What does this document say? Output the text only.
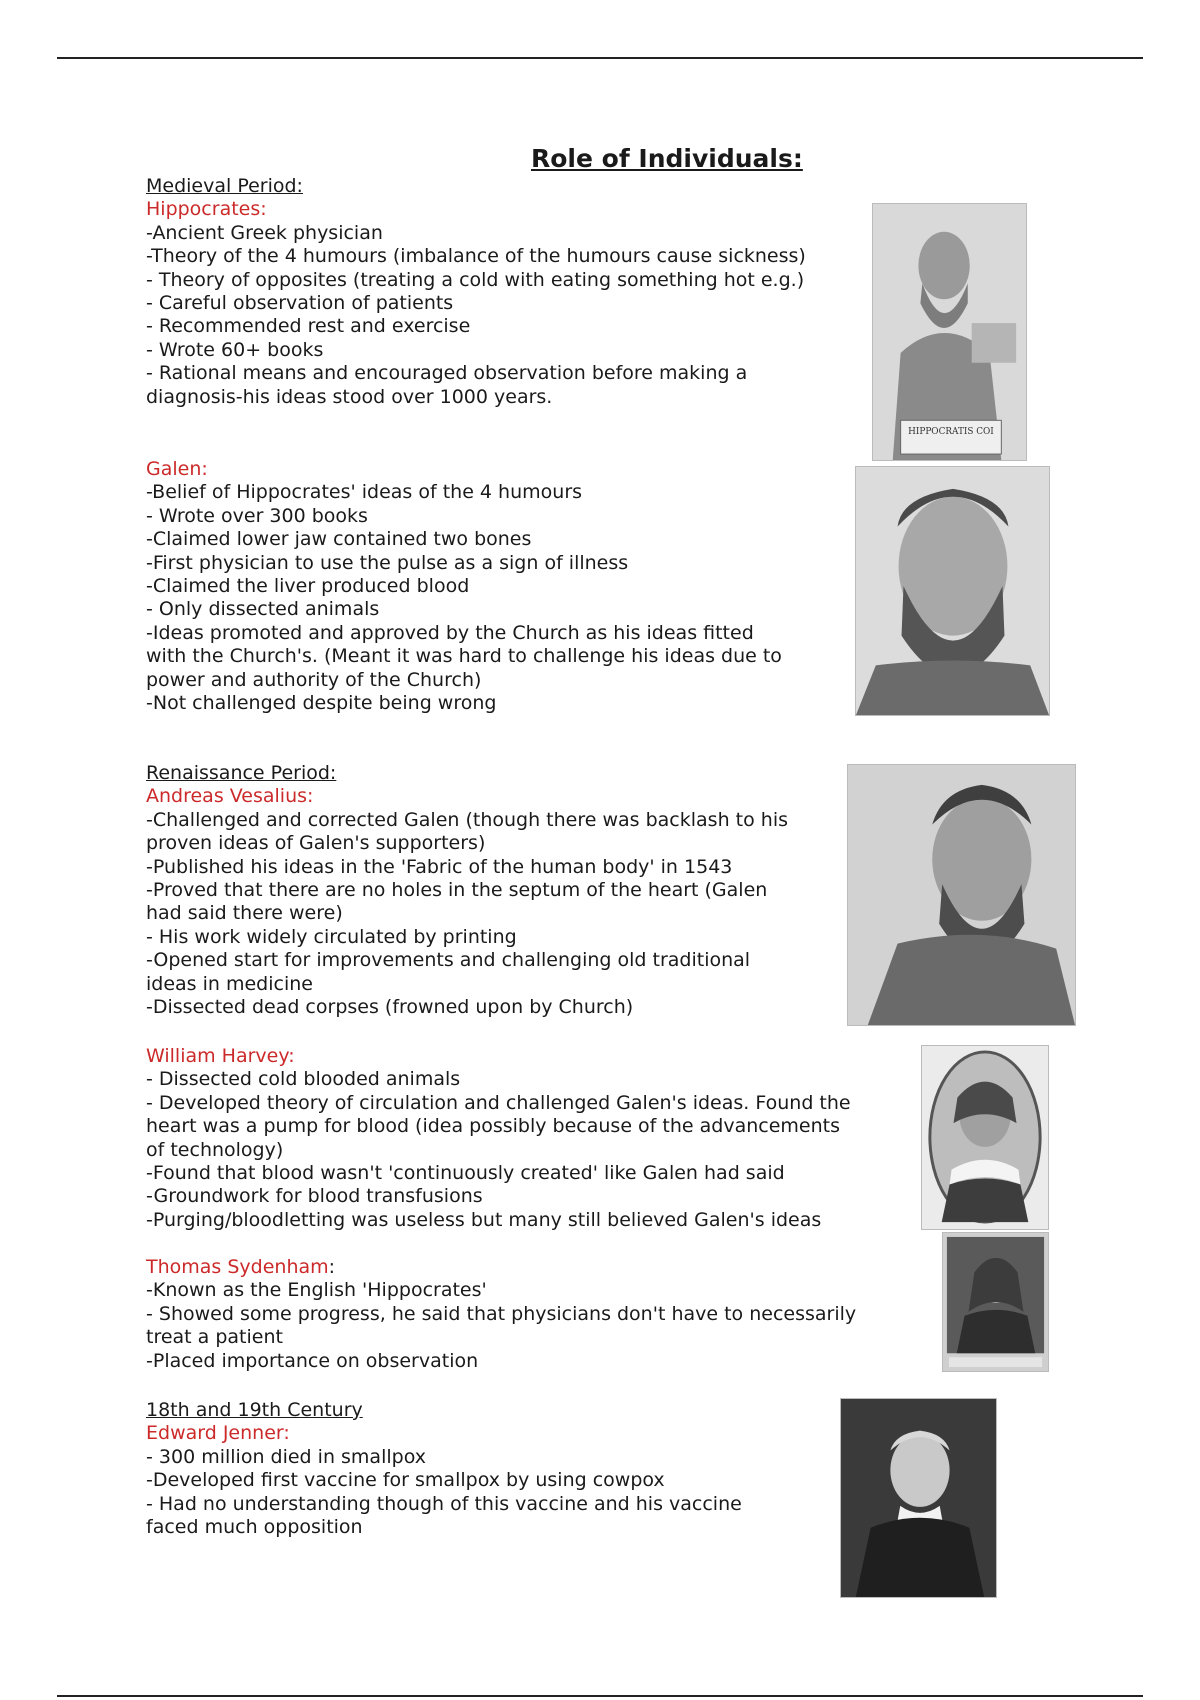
Role of Individuals:

Medieval Period:

Hippocrates:

-Ancient Greek physician

-Theory of the 4 humours (imbalance of the humours cause sickness)

- Theory of opposites (treating a cold with eating something hot e.g.)

- Careful observation of patients

- Recommended rest and exercise

- Wrote 60+ books

- Rational means and encouraged observation before making a

diagnosis-his ideas stood over 1000 years.

Galen:

-Belief of Hippocrates' ideas of the 4 humours

- Wrote over 300 books

-Claimed lower jaw contained two bones

-First physician to use the pulse as a sign of illness

-Claimed the liver produced blood

- Only dissected animals

-Ideas promoted and approved by the Church as his ideas fitted

with the Church's. (Meant it was hard to challenge his ideas due to

power and authority of the Church)

-Not challenged despite being wrong

Renaissance Period:

Andreas Vesalius:

-Challenged and corrected Galen (though there was backlash to his

proven ideas of Galen's supporters)

-Published his ideas in the 'Fabric of the human body' in 1543

-Proved that there are no holes in the septum of the heart (Galen

had said there were)

- His work widely circulated by printing

-Opened start for improvements and challenging old traditional

ideas in medicine

-Dissected dead corpses (frowned upon by Church)

William Harvey:

- Dissected cold blooded animals

- Developed theory of circulation and challenged Galen's ideas. Found the

heart was a pump for blood (idea possibly because of the advancements

of technology)

-Found that blood wasn't 'continuously created' like Galen had said

-Groundwork for blood transfusions

-Purging/bloodletting was useless but many still believed Galen's ideas

Thomas Sydenham:

-Known as the English 'Hippocrates'

- Showed some progress, he said that physicians don't have to necessarily

treat a patient

-Placed importance on observation

18th and 19th Century

Edward Jenner:

- 300 million died in smallpox

-Developed first vaccine for smallpox by using cowpox

- Had no understanding though of this vaccine and his vaccine

faced much opposition

HIPPOCRATIS COI
